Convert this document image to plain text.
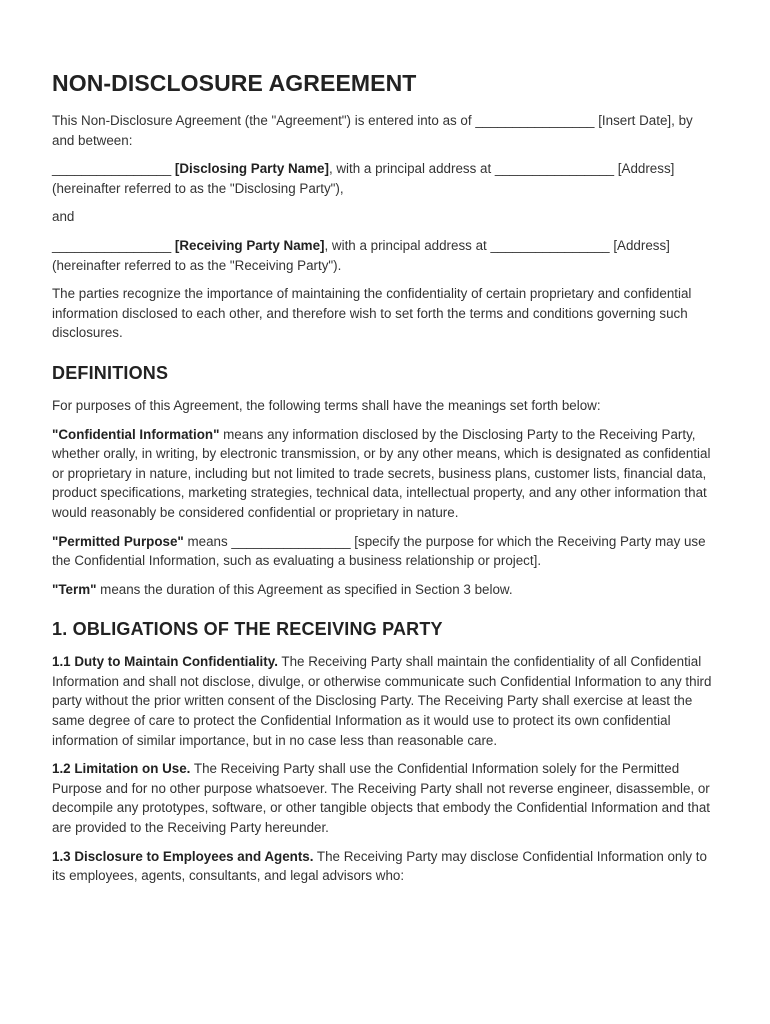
NON-DISCLOSURE AGREEMENT

This Non-Disclosure Agreement (the "Agreement") is entered into as of ________________ [Insert Date], by and between:

________________ [Disclosing Party Name], with a principal address at ________________ [Address] (hereinafter referred to as the "Disclosing Party"),

and

________________ [Receiving Party Name], with a principal address at ________________ [Address] (hereinafter referred to as the "Receiving Party").

The parties recognize the importance of maintaining the confidentiality of certain proprietary and confidential information disclosed to each other, and therefore wish to set forth the terms and conditions governing such disclosures.

DEFINITIONS

For purposes of this Agreement, the following terms shall have the meanings set forth below:

"Confidential Information" means any information disclosed by the Disclosing Party to the Receiving Party, whether orally, in writing, by electronic transmission, or by any other means, which is designated as confidential or proprietary in nature, including but not limited to trade secrets, business plans, customer lists, financial data, product specifications, marketing strategies, technical data, intellectual property, and any other information that would reasonably be considered confidential or proprietary in nature.

"Permitted Purpose" means ________________ [specify the purpose for which the Receiving Party may use the Confidential Information, such as evaluating a business relationship or project].

"Term" means the duration of this Agreement as specified in Section 3 below.

1. OBLIGATIONS OF THE RECEIVING PARTY

1.1 Duty to Maintain Confidentiality. The Receiving Party shall maintain the confidentiality of all Confidential Information and shall not disclose, divulge, or otherwise communicate such Confidential Information to any third party without the prior written consent of the Disclosing Party. The Receiving Party shall exercise at least the same degree of care to protect the Confidential Information as it would use to protect its own confidential information of similar importance, but in no case less than reasonable care.

1.2 Limitation on Use. The Receiving Party shall use the Confidential Information solely for the Permitted Purpose and for no other purpose whatsoever. The Receiving Party shall not reverse engineer, disassemble, or decompile any prototypes, software, or other tangible objects that embody the Confidential Information and that are provided to the Receiving Party hereunder.

1.3 Disclosure to Employees and Agents. The Receiving Party may disclose Confidential Information only to its employees, agents, consultants, and legal advisors who:
